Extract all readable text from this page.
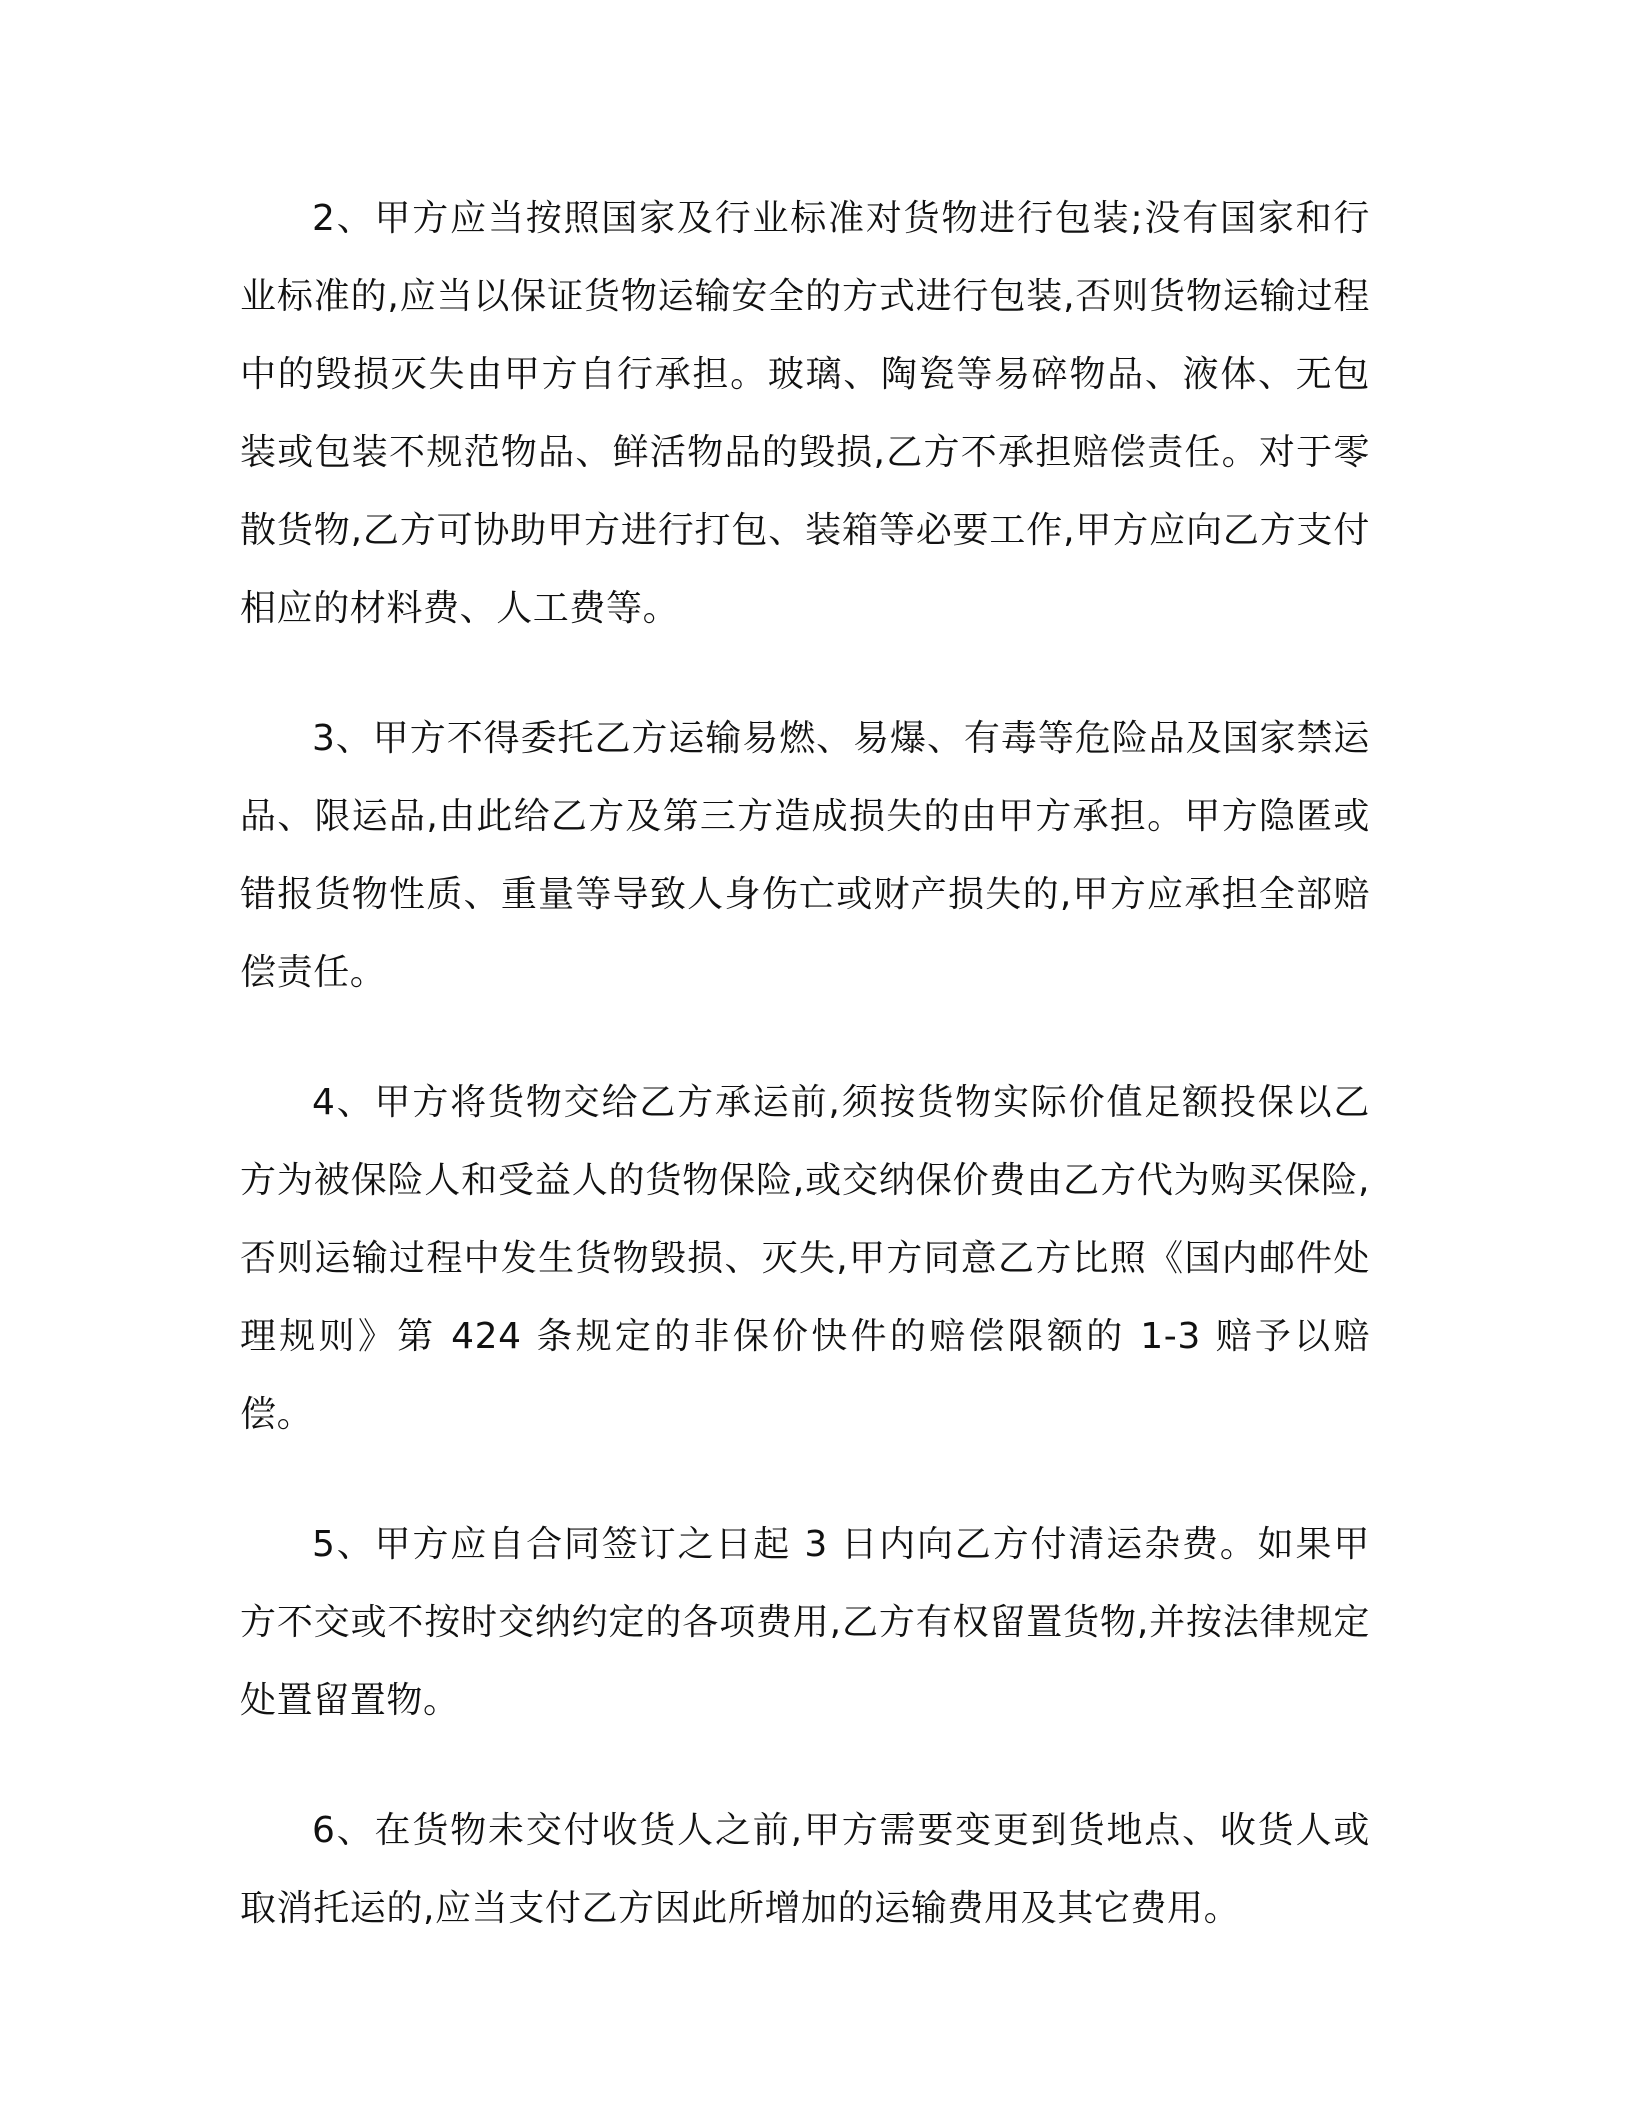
2、甲方应当按照国家及行业标准对货物进行包装;没有国家和行业标准的,应当以保证货物运输安全的方式进行包装,否则货物运输过程中的毁损灭失由甲方自行承担。玻璃、陶瓷等易碎物品、液体、无包装或包装不规范物品、鲜活物品的毁损,乙方不承担赔偿责任。对于零散货物,乙方可协助甲方进行打包、装箱等必要工作,甲方应向乙方支付相应的材料费、人工费等。

3、甲方不得委托乙方运输易燃、易爆、有毒等危险品及国家禁运品、限运品,由此给乙方及第三方造成损失的由甲方承担。甲方隐匿或错报货物性质、重量等导致人身伤亡或财产损失的,甲方应承担全部赔偿责任。

4、甲方将货物交给乙方承运前,须按货物实际价值足额投保以乙方为被保险人和受益人的货物保险,或交纳保价费由乙方代为购买保险,否则运输过程中发生货物毁损、灭失,甲方同意乙方比照《国内邮件处理规则》第 424 条规定的非保价快件的赔偿限额的 1-3 赔予以赔偿。

5、甲方应自合同签订之日起 3 日内向乙方付清运杂费。如果甲方不交或不按时交纳约定的各项费用,乙方有权留置货物,并按法律规定处置留置物。

6、在货物未交付收货人之前,甲方需要变更到货地点、收货人或取消托运的,应当支付乙方因此所增加的运输费用及其它费用。
